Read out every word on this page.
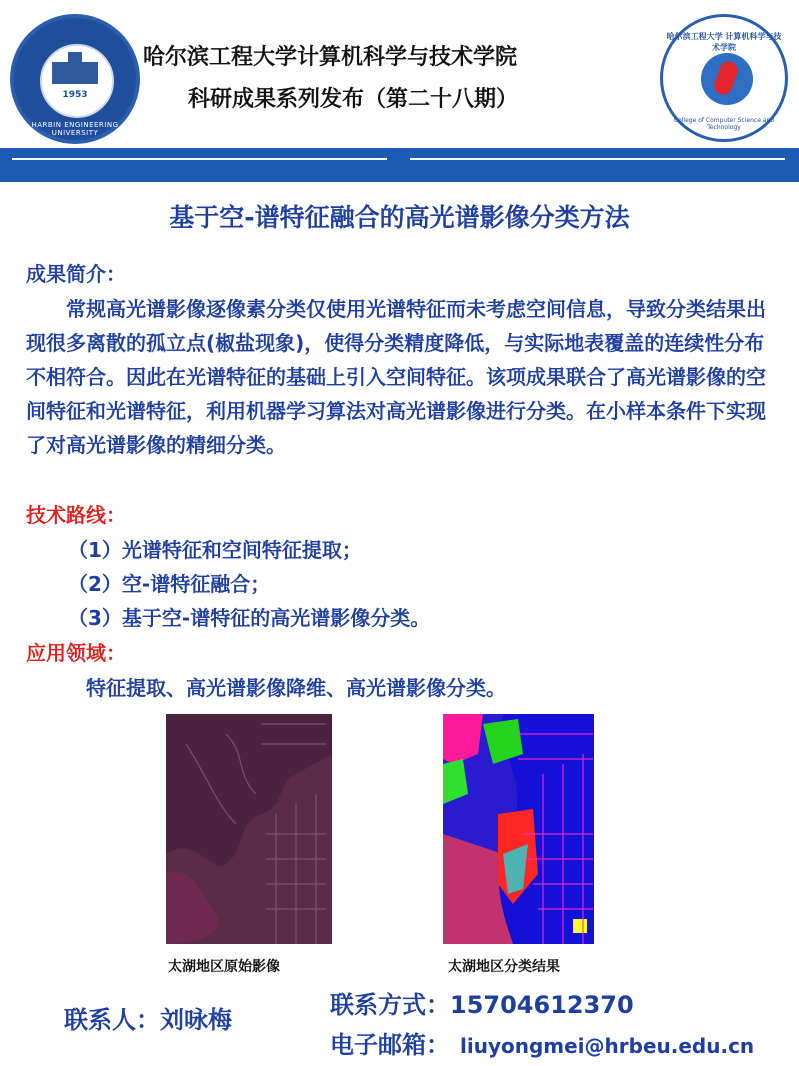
1953
HARBIN ENGINEERING UNIVERSITY
哈尔滨工程大学计算机科学与技术学院
科研成果系列发布（第二十八期）
哈尔滨工程大学 计算机科学与技术学院
College of Computer Science and Technology
基于空-谱特征融合的高光谱影像分类方法
成果简介：
常规高光谱影像逐像素分类仅使用光谱特征而未考虑空间信息，导致分类结果出现很多离散的孤立点(椒盐现象)，使得分类精度降低，与实际地表覆盖的连续性分布不相符合。因此在光谱特征的基础上引入空间特征。该项成果联合了高光谱影像的空间特征和光谱特征，利用机器学习算法对高光谱影像进行分类。在小样本条件下实现了对高光谱影像的精细分类。
技术路线：
（1）光谱特征和空间特征提取；
（2）空-谱特征融合；
（3）基于空-谱特征的高光谱影像分类。
应用领域：
特征提取、高光谱影像降维、高光谱影像分类。
太湖地区原始影像	太湖地区分类结果
联系人：刘咏梅
联系方式：15704612370
电子邮箱： liuyongmei@hrbeu.edu.cn
